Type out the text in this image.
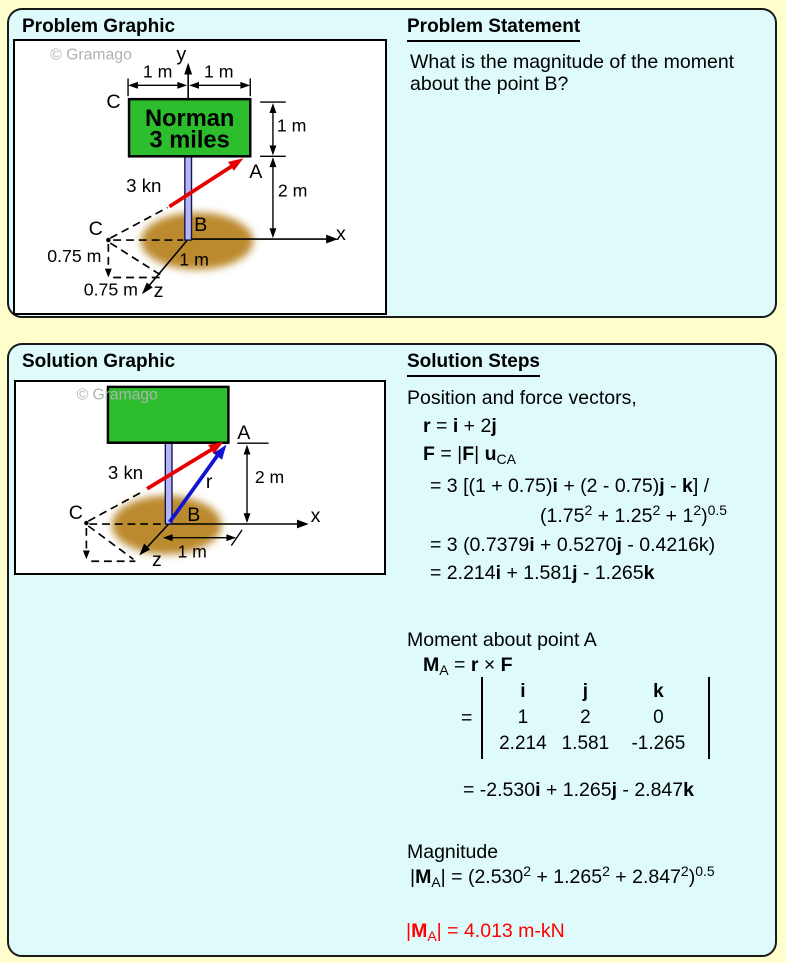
Problem Graphic
Norman
3 miles
© Gramago y
1 m 1 m
C
A
1 m
2 m
x
z
1 m
B
3 kn
C
0.75 m
0.75 m
Problem Statement

What is the magnitude of the moment
about the point B?

Solution Graphic
© Gramago
A
3 kn	r
B
C	x
z
2 m
1 m
Solution Steps
Position and force vectors,
r = i + 2j
F = |F| $u_{CA}$
= 3 [(1 + 0.75)i + (2 - 0.75)j - k] /
$(1.75^2 + 1.25^2 + 1^2)^{0.5}$
= 3 (0.7379i + 0.5270j - 0.4216k)
= 2.214i + 1.581j - 1.265k
Moment about point A
$M_A = r \times F$
=
i	j	k
1	2	0
2.214 1.581	-1.265
= -2.530i + 1.265j - 2.847k
Magnitude
$|M_A| = (2.530^2 + 1.265^2 + 2.847^2)^{0.5}$
$|M_A| = 4.013$ m-kN
